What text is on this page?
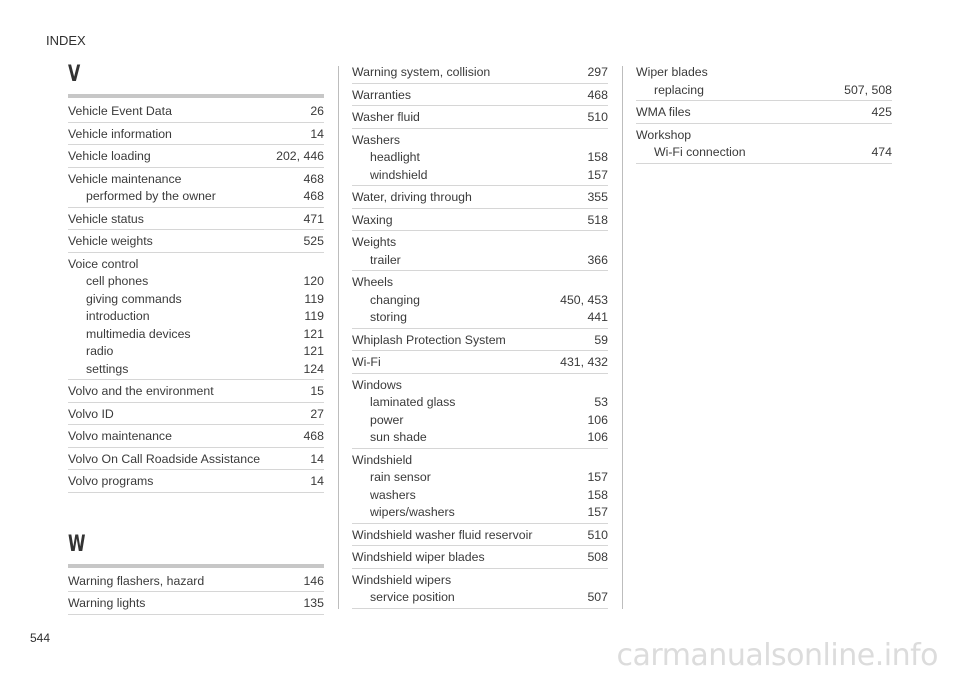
INDEX
V
Vehicle Event Data	26
Vehicle information	14
Vehicle loading	202, 446
Vehicle maintenance	468
performed by the owner	468
Vehicle status	471
Vehicle weights	525
Voice control
cell phones	120
giving commands	119
introduction	119
multimedia devices	121
radio	121
settings	124
Volvo and the environment	15
Volvo ID	27
Volvo maintenance	468
Volvo On Call Roadside Assistance	14
Volvo programs	14
W
Warning flashers, hazard	146
Warning lights	135
Warning system, collision	297
Warranties	468
Washer fluid	510
Washers
headlight	158
windshield	157
Water, driving through	355
Waxing	518
Weights
trailer	366
Wheels
changing	450, 453
storing	441
Whiplash Protection System	59
Wi-Fi	431, 432
Windows
laminated glass	53
power	106
sun shade	106
Windshield
rain sensor	157
washers	158
wipers/washers	157
Windshield washer fluid reservoir	510
Windshield wiper blades	508
Windshield wipers
service position	507
Wiper blades
replacing	507, 508
WMA files	425
Workshop
Wi-Fi connection	474
544	carmanualsonline.info
